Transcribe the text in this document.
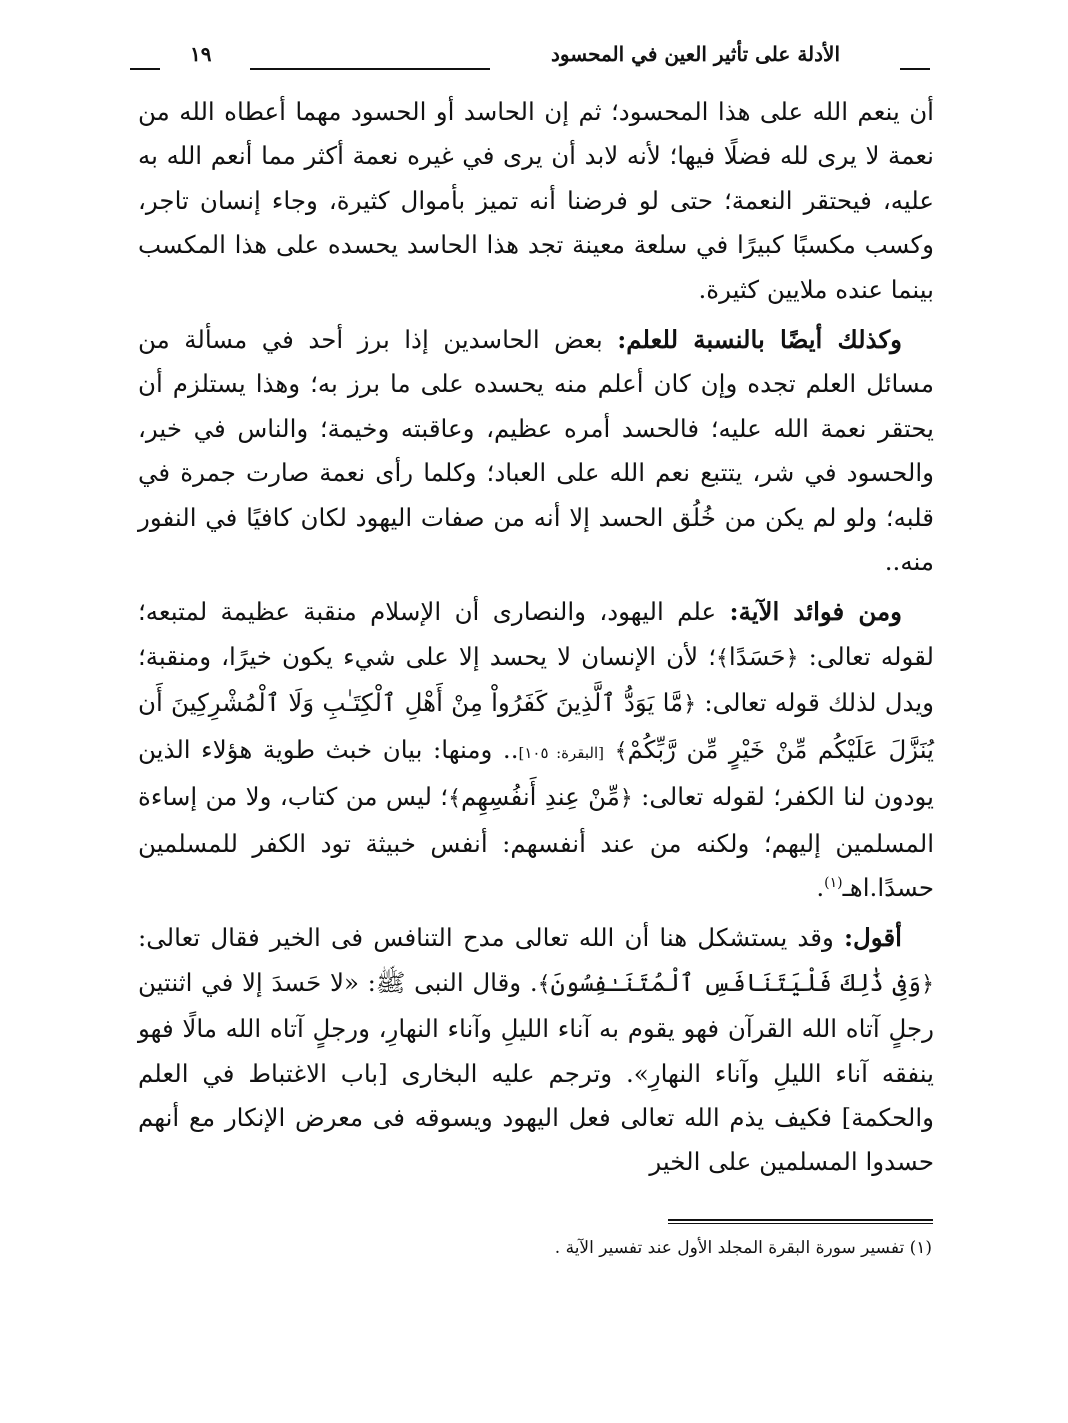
الأدلة على تأثير العين في المحسود
١٩

أن ينعم الله على هذا المحسود؛ ثم إن الحاسد أو الحسود مهما أعطاه الله من نعمة لا يرى لله فضلًا فيها؛ لأنه لابد أن يرى في غيره نعمة أكثر مما أنعم الله به عليه، فيحتقر النعمة؛ حتى لو فرضنا أنه تميز بأموال كثيرة، وجاء إنسان تاجر، وكسب مكسبًا كبيرًا في سلعة معينة تجد هذا الحاسد يحسده على هذا المكسب بينما عنده ملايين كثيرة.

وكذلك أيضًا بالنسبة للعلم: بعض الحاسدين إذا برز أحد في مسألة من مسائل العلم تجده وإن كان أعلم منه يحسده على ما برز به؛ وهذا يستلزم أن يحتقر نعمة الله عليه؛ فالحسد أمره عظيم، وعاقبته وخيمة؛ والناس في خير، والحسود في شر، يتتبع نعم الله على العباد؛ وكلما رأى نعمة صارت جمرة في قلبه؛ ولو لم يكن من خُلُق الحسد إلا أنه من صفات اليهود لكان كافيًا في النفور منه..

ومن فوائد الآية: علم اليهود، والنصارى أن الإسلام منقبة عظيمة لمتبعه؛ لقوله تعالى: ﴿حَسَدًا﴾؛ لأن الإنسان لا يحسد إلا على شيء يكون خيرًا، ومنقبة؛ ويدل لذلك قوله تعالى: ﴿مَّا يَوَدُّ ٱلَّذِينَ كَفَرُواْ مِنْ أَهْلِ ٱلْكِتَـٰبِ وَلَا ٱلْمُشْرِكِينَ أَن يُنَزَّلَ عَلَيْكُم مِّنْ خَيْرٍ مِّن رَّبِّكُمْ﴾ [البقرة: ١٠٥].. ومنها: بيان خبث طوية هؤلاء الذين يودون لنا الكفر؛ لقوله تعالى: ﴿مِّنْ عِندِ أَنفُسِهِم﴾؛ ليس من كتاب، ولا من إساءة المسلمين إليهم؛ ولكنه من عند أنفسهم: أنفس خبيثة تود الكفر للمسلمين حسدًا.اهـ$^{(١)}$.

أقول: وقد يستشكل هنا أن الله تعالى مدح التنافس فى الخير فقال تعالى: ﴿وَفِى ذَٰلِكَ فَلْيَتَنَافَسِ ٱلْمُتَنَـٰفِسُونَ﴾. وقال النبى ﷺ: «لا حَسدَ إلا في اثنتين رجلٍ آتاه الله القرآن فهو يقوم به آناء الليلِ وآناء النهارِ، ورجلٍ آتاه الله مالًا فهو ينفقه آناء الليلِ وآناء النهارِ». وترجم عليه البخارى [باب الاغتباط في العلم والحكمة] فكيف يذم الله تعالى فعل اليهود ويسوقه فى معرض الإنكار مع أنهم حسدوا المسلمين على الخير

(١) تفسير سورة البقرة المجلد الأول عند تفسير الآية .
